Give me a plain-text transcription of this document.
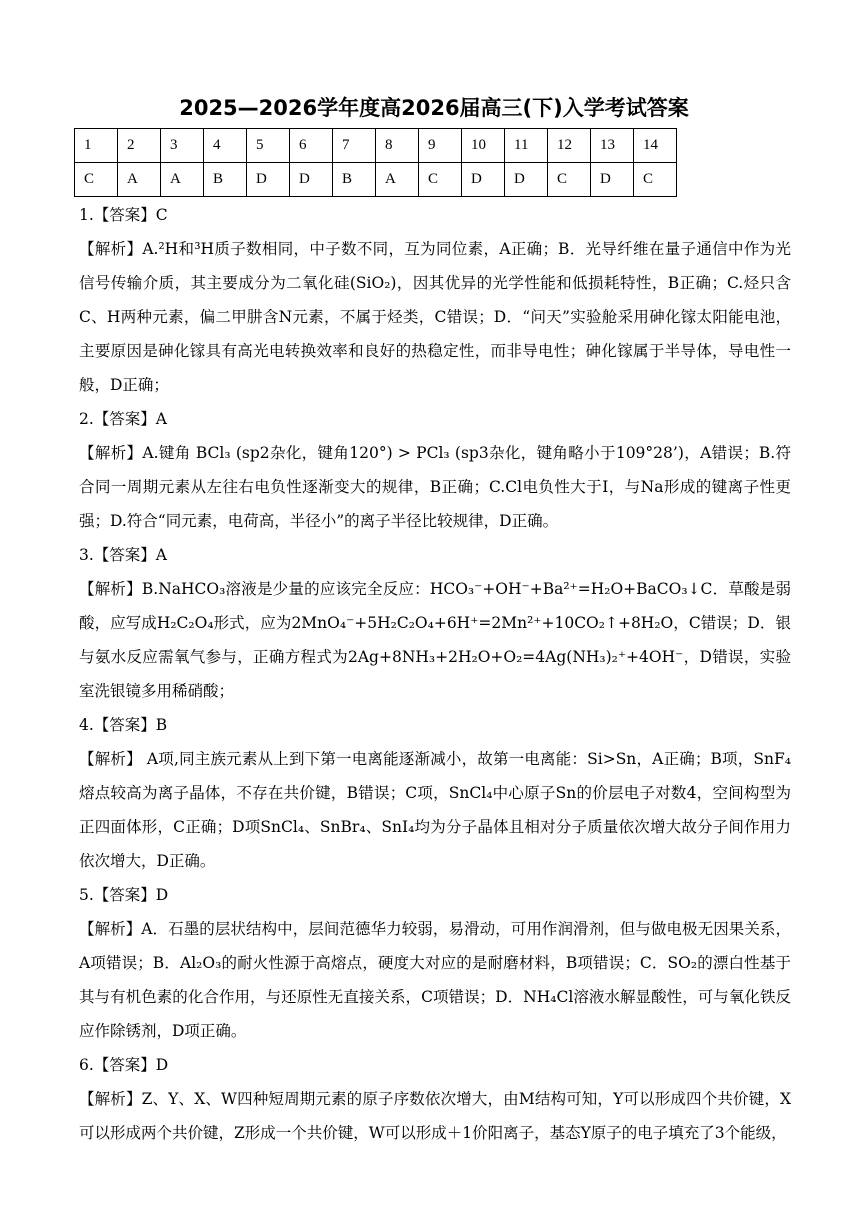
2025—2026学年度高2026届高三(下)入学考试答案
1	2	3	4	5	6	7	8	9	10	11	12	13	14
C	A	A	B	D	D	B	A	C	D	D	C	D	C
1.【答案】C
【解析】A.²H和³H质子数相同，中子数不同，互为同位素，A正确；B．光导纤维在量子通信中作为光信号传输介质，其主要成分为二氧化硅(SiO₂)，因其优异的光学性能和低损耗特性，B正确；C.烃只含C、H两种元素，偏二甲肼含N元素，不属于烃类，C错误；D．“问天”实验舱采用砷化镓太阳能电池，主要原因是砷化镓具有高光电转换效率和良好的热稳定性，而非导电性；砷化镓属于半导体，导电性一般，D正确；
2.【答案】A
【解析】A.键角 BCl₃ (sp2杂化，键角120°) > PCl₃ (sp3杂化，键角略小于109°28’)，A错误；B.符合同一周期元素从左往右电负性逐渐变大的规律，B正确；C.Cl电负性大于I，与Na形成的键离子性更强；D.符合“同元素，电荷高，半径小”的离子半径比较规律，D正确。
3.【答案】A
【解析】B.NaHCO₃溶液是少量的应该完全反应：HCO₃⁻+OH⁻+Ba²⁺=H₂O+BaCO₃↓C．草酸是弱酸，应写成H₂C₂O₄形式，应为2MnO₄⁻+5H₂C₂O₄+6H⁺=2Mn²⁺+10CO₂↑+8H₂O，C错误；D．银与氨水反应需氧气参与，正确方程式为2Ag+8NH₃+2H₂O+O₂=4Ag(NH₃)₂⁺+4OH⁻，D错误，实验室洗银镜多用稀硝酸；
4.【答案】B
【解析】 A项,同主族元素从上到下第一电离能逐渐减小，故第一电离能：Si>Sn，A正确；B项，SnF₄熔点较高为离子晶体，不存在共价键，B错误；C项，SnCl₄中心原子Sn的价层电子对数4，空间构型为正四面体形，C正确；D项SnCl₄、SnBr₄、SnI₄均为分子晶体且相对分子质量依次增大故分子间作用力依次增大，D正确。
5.【答案】D
【解析】A．石墨的层状结构中，层间范德华力较弱，易滑动，可用作润滑剂，但与做电极无因果关系，A项错误；B．Al₂O₃的耐火性源于高熔点，硬度大对应的是耐磨材料，B项错误；C．SO₂的漂白性基于其与有机色素的化合作用，与还原性无直接关系，C项错误；D．NH₄Cl溶液水解显酸性，可与氧化铁反应作除锈剂，D项正确。
6.【答案】D
【解析】Z、Y、X、W四种短周期元素的原子序数依次增大，由M结构可知，Y可以形成四个共价键，X可以形成两个共价键，Z形成一个共价键，W可以形成＋1价阳离子，基态Y原子的电子填充了3个能级，
